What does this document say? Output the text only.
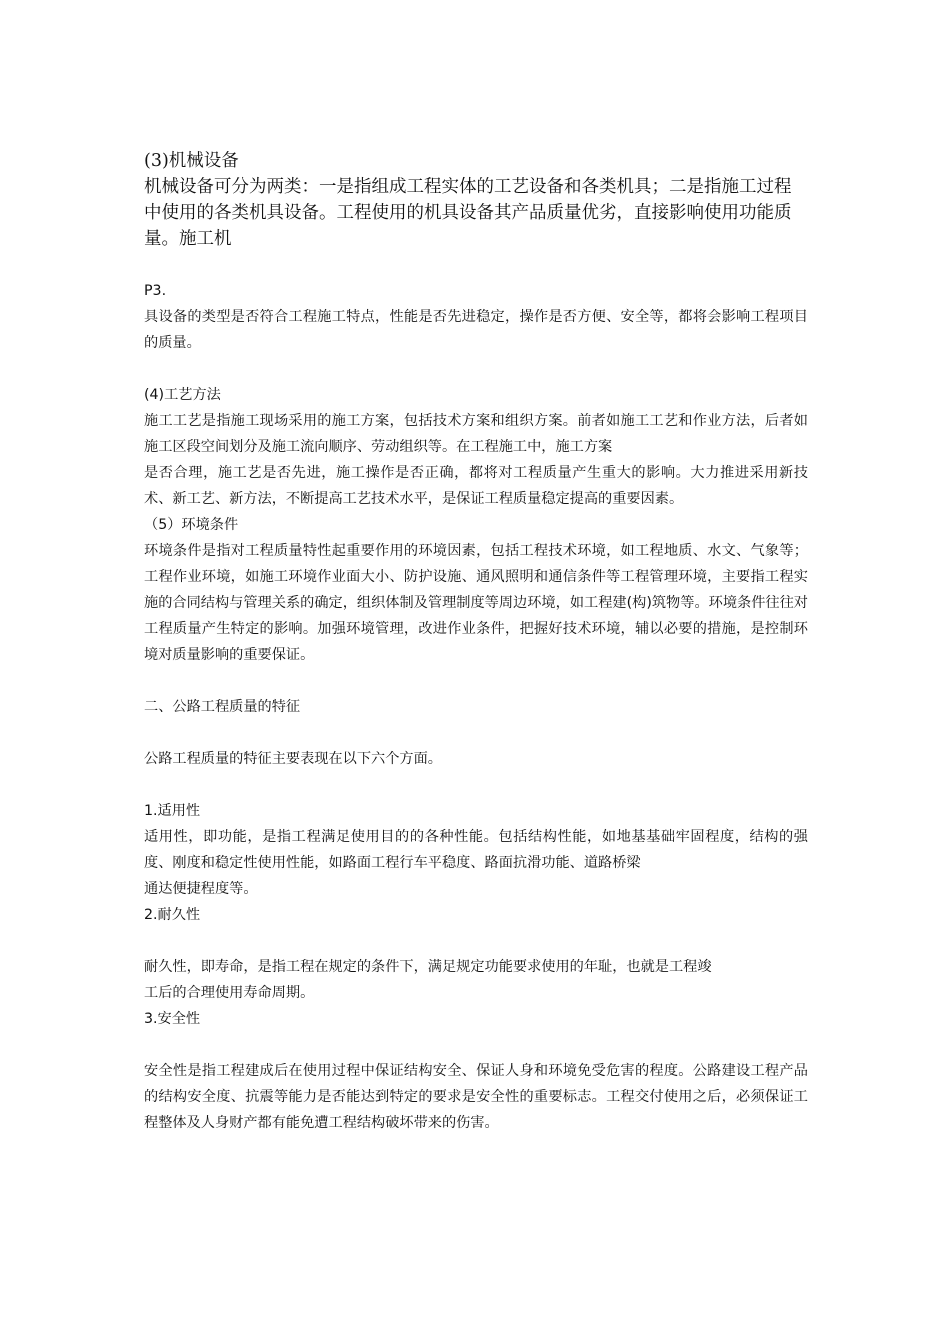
(3)机械设备

机械设备可分为两类：一是指组成工程实体的工艺设备和各类机具；二是指施工过程中使用的各类机具设备。工程使用的机具设备其产品质量优劣，直接影响使用功能质量。施工机

P3.

具设备的类型是否符合工程施工特点，性能是否先进稳定，操作是否方便、安全等，都将会影响工程项目的质量。

(4)工艺方法

施工工艺是指施工现场采用的施工方案，包括技术方案和组织方案。前者如施工工艺和作业方法，后者如施工区段空间划分及施工流向顺序、劳动组织等。在工程施工中，施工方案

是否合理，施工艺是否先进，施工操作是否正确，都将对工程质量产生重大的影响。大力推进采用新技术、新工艺、新方法，不断提高工艺技术水平，是保证工程质量稳定提高的重要因素。

（5）环境条件

环境条件是指对工程质量特性起重要作用的环境因素，包括工程技术环境，如工程地质、水文、气象等；工程作业环境，如施工环境作业面大小、防护设施、通风照明和通信条件等工程管理环境，主要指工程实施的合同结构与管理关系的确定，组织体制及管理制度等周边环境，如工程建(构)筑物等。环境条件往往对工程质量产生特定的影响。加强环境管理，改进作业条件，把握好技术环境，辅以必要的措施，是控制环境对质量影响的重要保证。

二、公路工程质量的特征

公路工程质量的特征主要表现在以下六个方面。

1.适用性

适用性，即功能，是指工程满足使用目的的各种性能。包括结构性能，如地基基础牢固程度，结构的强度、刚度和稳定性使用性能，如路面工程行车平稳度、路面抗滑功能、道路桥梁

通达便捷程度等。

2.耐久性

耐久性，即寿命，是指工程在规定的条件下，满足规定功能要求使用的年耻，也就是工程竣

工后的合理使用寿命周期。

3.安全性

安全性是指工程建成后在使用过程中保证结构安全、保证人身和环境免受危害的程度。公路建设工程产品的结构安全度、抗震等能力是否能达到特定的要求是安全性的重要标志。工程交付使用之后，必须保证工程整体及人身财产都有能免遭工程结构破坏带来的伤害。
